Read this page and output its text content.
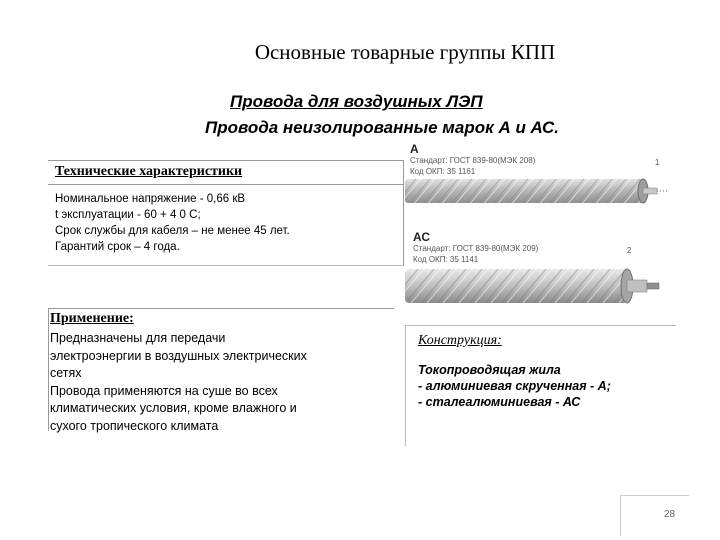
Основные товарные группы КПП
Провода для воздушных ЛЭП
Провода неизолированные марок А и АС.
Технические характеристики
Номинальное напряжение - 0,66 кВ
t эксплуатации - 60 + 4 0 С;
Срок службы для кабеля – не менее 45 лет.
Гарантий срок – 4 года.
А
Стандарт: ГОСТ 839-80(МЭК 208)
Код ОКП: 35 1161
1
АС
Стандарт: ГОСТ 839-80(МЭК 209)
Код ОКП: 35 1141
2
Применение:
Предназначены для передачи
электроэнергии в воздушных электрических
сетях
Провода применяются на суше во всех
климатических условия, кроме влажного и
сухого тропического климата
Конструкция:
Токопроводящая жила
- алюминиевая скрученная - А;
- сталеалюминиевая - АС
28
